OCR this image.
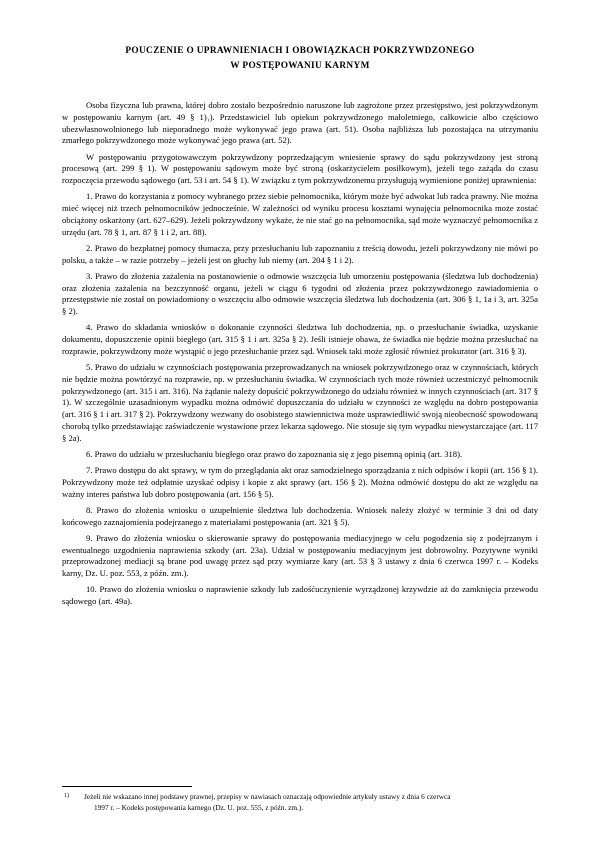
POUCZENIE O UPRAWNIENIACH I OBOWIĄZKACH POKRZYWDZONEGO
W POSTĘPOWANIU KARNYM

Osoba fizyczna lub prawna, której dobro zostało bezpośrednio naruszone lub zagrożone przez przestępstwo, jest pokrzywdzonym w postępowaniu karnym (art. 49 § 1)₁). Przedstawiciel lub opiekun pokrzywdzonego małoletniego, całkowicie albo częściowo ubezwłasnowolnionego lub nieporadnego może wykonywać jego prawa (art. 51). Osoba najbliższa lub pozostająca na utrzymaniu zmarłego pokrzywdzonego może wykonywać jego prawa (art. 52).

W postępowaniu przygotowawczym pokrzywdzony poprzedzającym wniesienie sprawy do sądu pokrzywdzony jest stroną procesową (art. 299 § 1). W postępowaniu sądowym może być stroną (oskarżycielem posiłkowym), jeżeli tego zażąda do czasu rozpoczęcia przewodu sądowego (art. 53 i art. 54 § 1). W związku z tym pokrzywdzonemu przysługują wymienione poniżej uprawnienia:

1. Prawo do korzystania z pomocy wybranego przez siebie pełnomocnika, którym może być adwokat lub radca prawny. Nie można mieć więcej niż trzech pełnomocników jednocześnie. W zależności od wyniku procesu kosztami wynajęcia pełnomocnika może zostać obciążony oskarżony (art. 627–629). Jeżeli pokrzywdzony wykaże, że nie stać go na pełnomocnika, sąd może wyznaczyć pełnomocnika z urzędu (art. 78 § 1, art. 87 § 1 i 2, art. 88).

2. Prawo do bezpłatnej pomocy tłumacza, przy przesłuchaniu lub zapoznaniu z treścią dowodu, jeżeli pokrzywdzony nie mówi po polsku, a także – w razie potrzeby – jeżeli jest on głuchy lub niemy (art. 204 § 1 i 2).

3. Prawo do złożenia zażalenia na postanowienie o odmowie wszczęcia lub umorzeniu postępowania (śledztwa lub dochodzenia) oraz złożenia zażalenia na bezczynność organu, jeżeli w ciągu 6 tygodni od złożenia przez pokrzywdzonego zawiadomienia o przestępstwie nie został on powiadomiony o wszczęciu albo odmowie wszczęcia śledztwa lub dochodzenia (art. 306 § 1, 1a i 3, art. 325a § 2).

4. Prawo do składania wniosków o dokonanie czynności śledztwa lub dochodzenia, np. o przesłuchanie świadka, uzyskanie dokumentu, dopuszczenie opinii biegłego (art. 315 § 1 i art. 325a § 2). Jeśli istnieje obawa, że świadka nie będzie można przesłuchać na rozprawie, pokrzywdzony może wystąpić o jego przesłuchanie przez sąd. Wniosek taki może zgłosić również prokurator (art. 316 § 3).

5. Prawo do udziału w czynnościach postępowania przeprowadzanych na wniosek pokrzywdzonego oraz w czynnościach, których nie będzie można powtórzyć na rozprawie, np. w przesłuchaniu świadka. W czynnościach tych może również uczestniczyć pełnomocnik pokrzywdzonego (art. 315 i art. 316). Na żądanie należy dopuścić pokrzywdzonego do udziału również w innych czynnościach (art. 317 § 1). W szczególnie uzasadnionym wypadku można odmówić dopuszczania do udziału w czynności ze względu na dobro postępowania (art. 316 § 1 i art. 317 § 2). Pokrzywdzony wezwany do osobistego stawiennictwa może usprawiedliwić swoją nieobecność spowodowaną chorobą tylko przedstawiając zaświadczenie wystawione przez lekarza sądowego. Nie stosuje się tym wypadku niewystarczające (art. 117 § 2a).

6. Prawo do udziału w przesłuchaniu biegłego oraz prawo do zapoznania się z jego pisemną opinią (art. 318).

7. Prawo dostępu do akt sprawy, w tym do przeglądania akt oraz samodzielnego sporządzania z nich odpisów i kopii (art. 156 § 1). Pokrzywdzony może też odpłatnie uzyskać odpisy i kopie z akt sprawy (art. 156 § 2). Można odmówić dostępu do akt ze względu na ważny interes państwa lub dobro postępowania (art. 156 § 5).

8. Prawo do złożenia wniosku o uzupełnienie śledztwa lub dochodzenia. Wniosek należy złożyć w terminie 3 dni od daty końcowego zaznajomienia podejrzanego z materiałami postępowania (art. 321 § 5).

9. Prawo do złożenia wniosku o skierowanie sprawy do postępowania mediacyjnego w celu pogodzenia się z podejrzanym i ewentualnego uzgodnienia naprawienia szkody (art. 23a). Udział w postępowaniu mediacyjnym jest dobrowolny. Pozytywne wyniki przeprowadzonej mediacji są brane pod uwagę przez sąd przy wymiarze kary (art. 53 § 3 ustawy z dnia 6 czerwca 1997 r. – Kodeks karny, Dz. U. poz. 553, z późn. zm.).

10. Prawo do złożenia wniosku o naprawienie szkody lub zadośćuczynienie wyrządzonej krzywdzie aż do zamknięcia przewodu sądowego (art. 49a).

1) Jeżeli nie wskazano innej podstawy prawnej, przepisy w nawiasach oznaczają odpowiednie artykuły ustawy z dnia 6 czerwca
1997 r. – Kodeks postępowania karnego (Dz. U. poz. 555, z późn. zm.).
